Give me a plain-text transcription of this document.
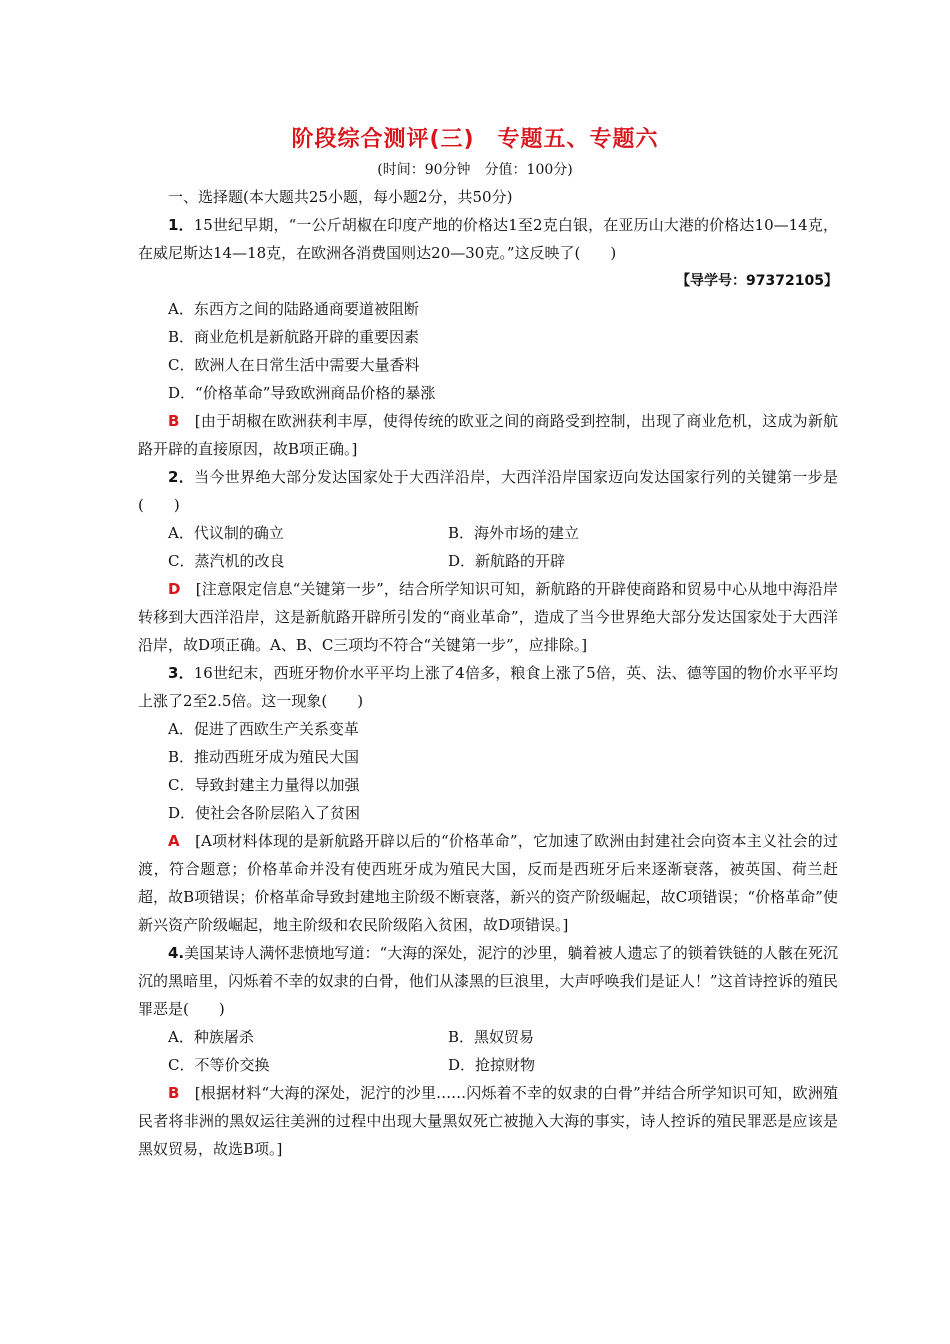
阶段综合测评(三)　专题五、专题六
(时间：90分钟　分值：100分)

一、选择题(本大题共25小题，每小题2分，共50分)

1．15世纪早期，“一公斤胡椒在印度产地的价格达1至2克白银，在亚历山大港的价格达10—14克，在威尼斯达14—18克，在欧洲各消费国则达20—30克。”这反映了(　　)

【导学号：97372105】

A．东西方之间的陆路通商要道被阻断

B．商业危机是新航路开辟的重要因素

C．欧洲人在日常生活中需要大量香料

D．“价格革命”导致欧洲商品价格的暴涨

B　 [由于胡椒在欧洲获利丰厚，使得传统的欧亚之间的商路受到控制，出现了商业危机，这成为新航路开辟的直接原因，故B项正确。]

2．当今世界绝大部分发达国家处于大西洋沿岸，大西洋沿岸国家迈向发达国家行列的关键第一步是(　　)

A．代议制的确立	B．海外市场的建立
C．蒸汽机的改良	D．新航路的开辟

D　 [注意限定信息“关键第一步”，结合所学知识可知，新航路的开辟使商路和贸易中心从地中海沿岸转移到大西洋沿岸，这是新航路开辟所引发的“商业革命”，造成了当今世界绝大部分发达国家处于大西洋沿岸，故D项正确。A、B、C三项均不符合“关键第一步”，应排除。]

3．16世纪末，西班牙物价水平平均上涨了4倍多，粮食上涨了5倍，英、法、德等国的物价水平平均上涨了2至2.5倍。这一现象(　　)

A．促进了西欧生产关系变革

B．推动西班牙成为殖民大国

C．导致封建主力量得以加强

D．使社会各阶层陷入了贫困

A　 [A项材料体现的是新航路开辟以后的“价格革命”，它加速了欧洲由封建社会向资本主义社会的过渡，符合题意；价格革命并没有使西班牙成为殖民大国，反而是西班牙后来逐渐衰落，被英国、荷兰赶超，故B项错误；价格革命导致封建地主阶级不断衰落，新兴的资产阶级崛起，故C项错误；“价格革命”使新兴资产阶级崛起，地主阶级和农民阶级陷入贫困，故D项错误。]

4.美国某诗人满怀悲愤地写道：“大海的深处，泥泞的沙里，躺着被人遗忘了的锁着铁链的人骸在死沉沉的黑暗里，闪烁着不幸的奴隶的白骨，他们从漆黑的巨浪里，大声呼唤我们是证人！”这首诗控诉的殖民罪恶是(　　)

A．种族屠杀	B．黑奴贸易
C．不等价交换	D．抢掠财物

B　 [根据材料“大海的深处，泥泞的沙里……闪烁着不幸的奴隶的白骨”并结合所学知识可知，欧洲殖民者将非洲的黑奴运往美洲的过程中出现大量黑奴死亡被抛入大海的事实，诗人控诉的殖民罪恶是应该是黑奴贸易，故选B项。]
